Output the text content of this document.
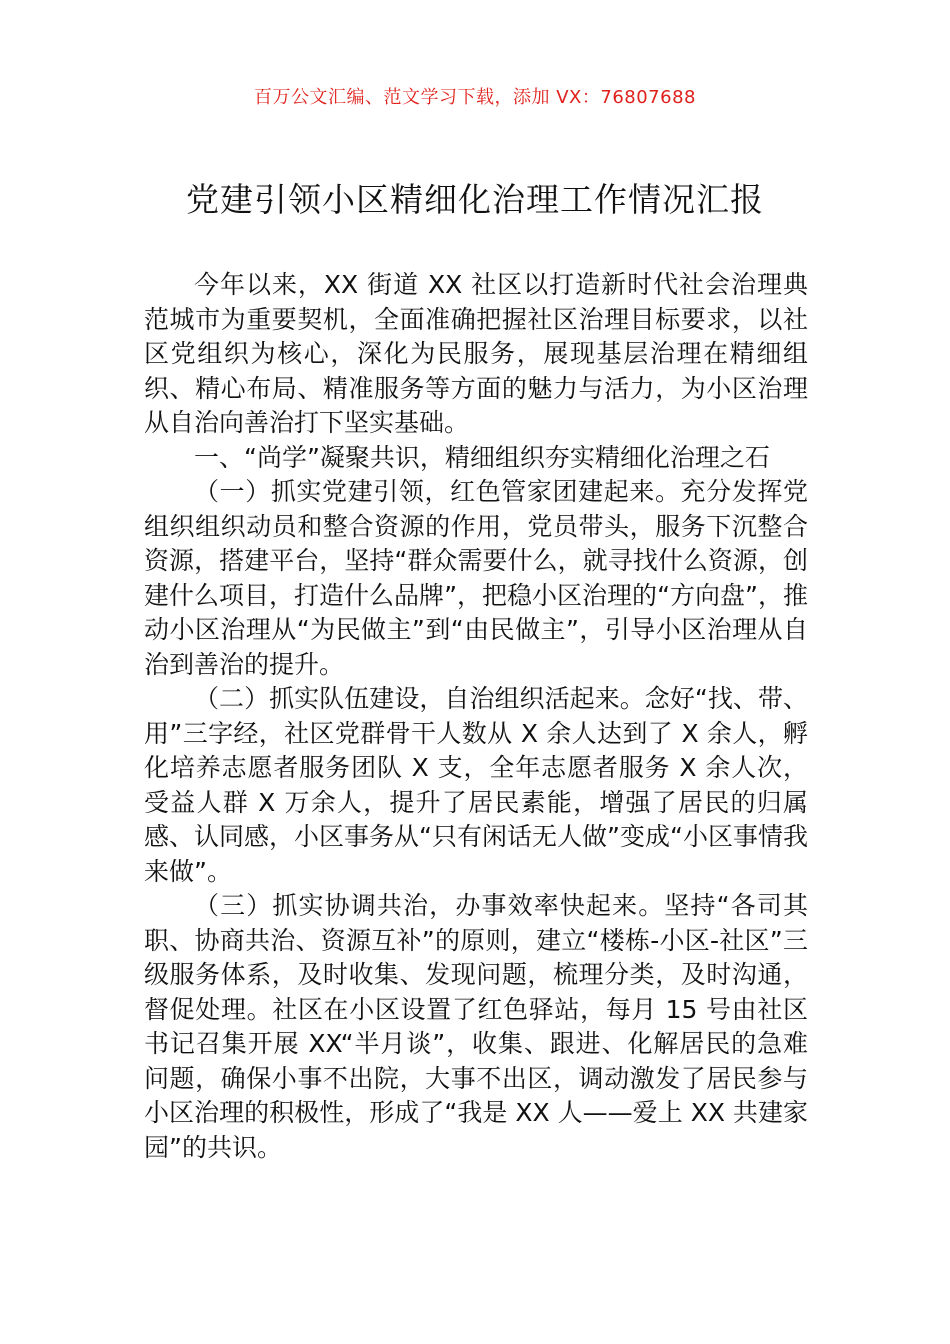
百万公文汇编、范文学习下载，添加 VX：76807688
党建引领小区精细化治理工作情况汇报

今年以来，XX 街道 XX 社区以打造新时代社会治理典范城市为重要契机，全面准确把握社区治理目标要求，以社区党组织为核心，深化为民服务，展现基层治理在精细组织、精心布局、精准服务等方面的魅力与活力，为小区治理从自治向善治打下坚实基础。

一、“尚学”凝聚共识，精细组织夯实精细化治理之石

（一）抓实党建引领，红色管家团建起来。充分发挥党组织组织动员和整合资源的作用，党员带头，服务下沉整合资源，搭建平台，坚持“群众需要什么，就寻找什么资源，创建什么项目，打造什么品牌”，把稳小区治理的“方向盘”，推动小区治理从“为民做主”到“由民做主”，引导小区治理从自治到善治的提升。

（二）抓实队伍建设，自治组织活起来。念好“找、带、用”三字经，社区党群骨干人数从 X 余人达到了 X 余人，孵化培养志愿者服务团队 X 支，全年志愿者服务 X 余人次，受益人群 X 万余人，提升了居民素能，增强了居民的归属感、认同感，小区事务从“只有闲话无人做”变成“小区事情我来做”。

（三）抓实协调共治，办事效率快起来。坚持“各司其职、协商共治、资源互补”的原则，建立“楼栋-小区-社区”三级服务体系，及时收集、发现问题，梳理分类，及时沟通，督促处理。社区在小区设置了红色驿站，每月 15 号由社区书记召集开展 XX“半月谈”，收集、跟进、化解居民的急难问题，确保小事不出院，大事不出区，调动激发了居民参与小区治理的积极性，形成了“我是 XX 人——爱上 XX 共建家园”的共识。
